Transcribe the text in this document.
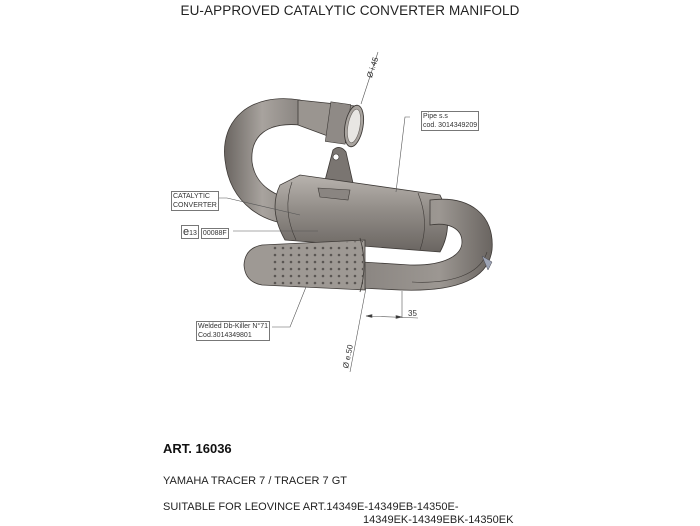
EU-APPROVED CATALYTIC CONVERTER MANIFOLD
Ø i.45
Ø e.50
35
Pipe s.s
cod. 3014349209
CATALYTIC
CONVERTER
e13 00088F
Welded Db-Killer N°71
Cod.3014349801
ART. 16036
YAMAHA TRACER 7 / TRACER 7 GT
SUITABLE FOR LEOVINCE ART.14349E-14349EB-14350E-
14349EK-14349EBK-14350EK
